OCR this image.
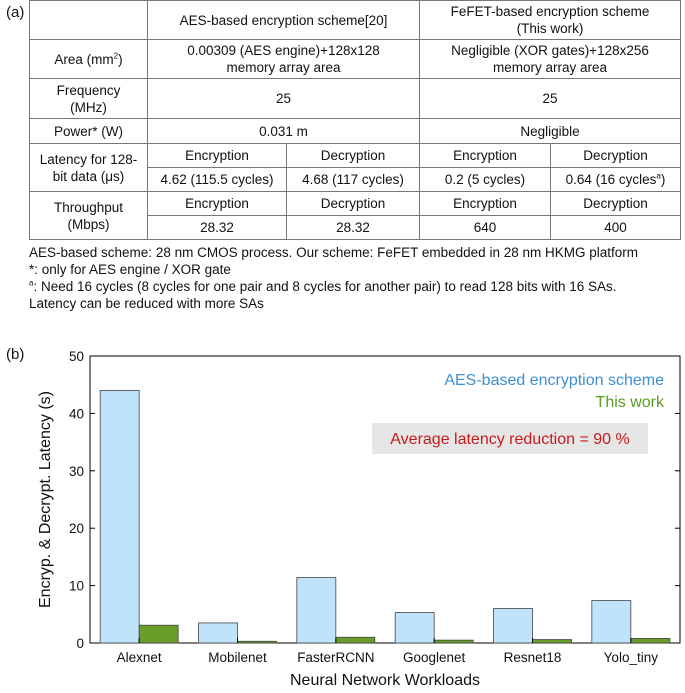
(a)
		AES-based encryption scheme[20]		FeFET-based encryption scheme
(This work)	
Area $(mm^2)$	0.00309 (AES engine)+128x128
memory array area		Negligible (XOR gates)+128x256
memory array area	
Frequency
(MHz)	25		25	
Power* (W)	0.031 m		Negligible	
Latency for 128-
bit data (μs)	Encryption	Decryption	Encryption	Decryption
	4.62 (115.5 cycles)	4.68 (117 cycles)	0.2 (5 cycles)	0.64 (16 cycles$^a$)
Throughput
(Mbps)	Encryption	Decryption	Encryption	Decryption
	28.32	28.32	640	400
AES-based scheme: 28 nm CMOS process. Our scheme: FeFET embedded in 28 nm HKMG platform
*: only for AES engine / XOR gate
$^a$: Need 16 cycles (8 cycles for one pair and 8 cycles for another pair) to read 128 bits with 16 SAs.
Latency can be reduced with more SAs
(b)
0
10
20
30
40
50
Alexnet	Mobilenet FasterRCNN Googlenet	Resnet18	Yolo_tiny
Neural Network Workloads
Encryp. & Decrypt. Latency (s)
AES-based encryption scheme
This work
Average latency reduction = 90 %
